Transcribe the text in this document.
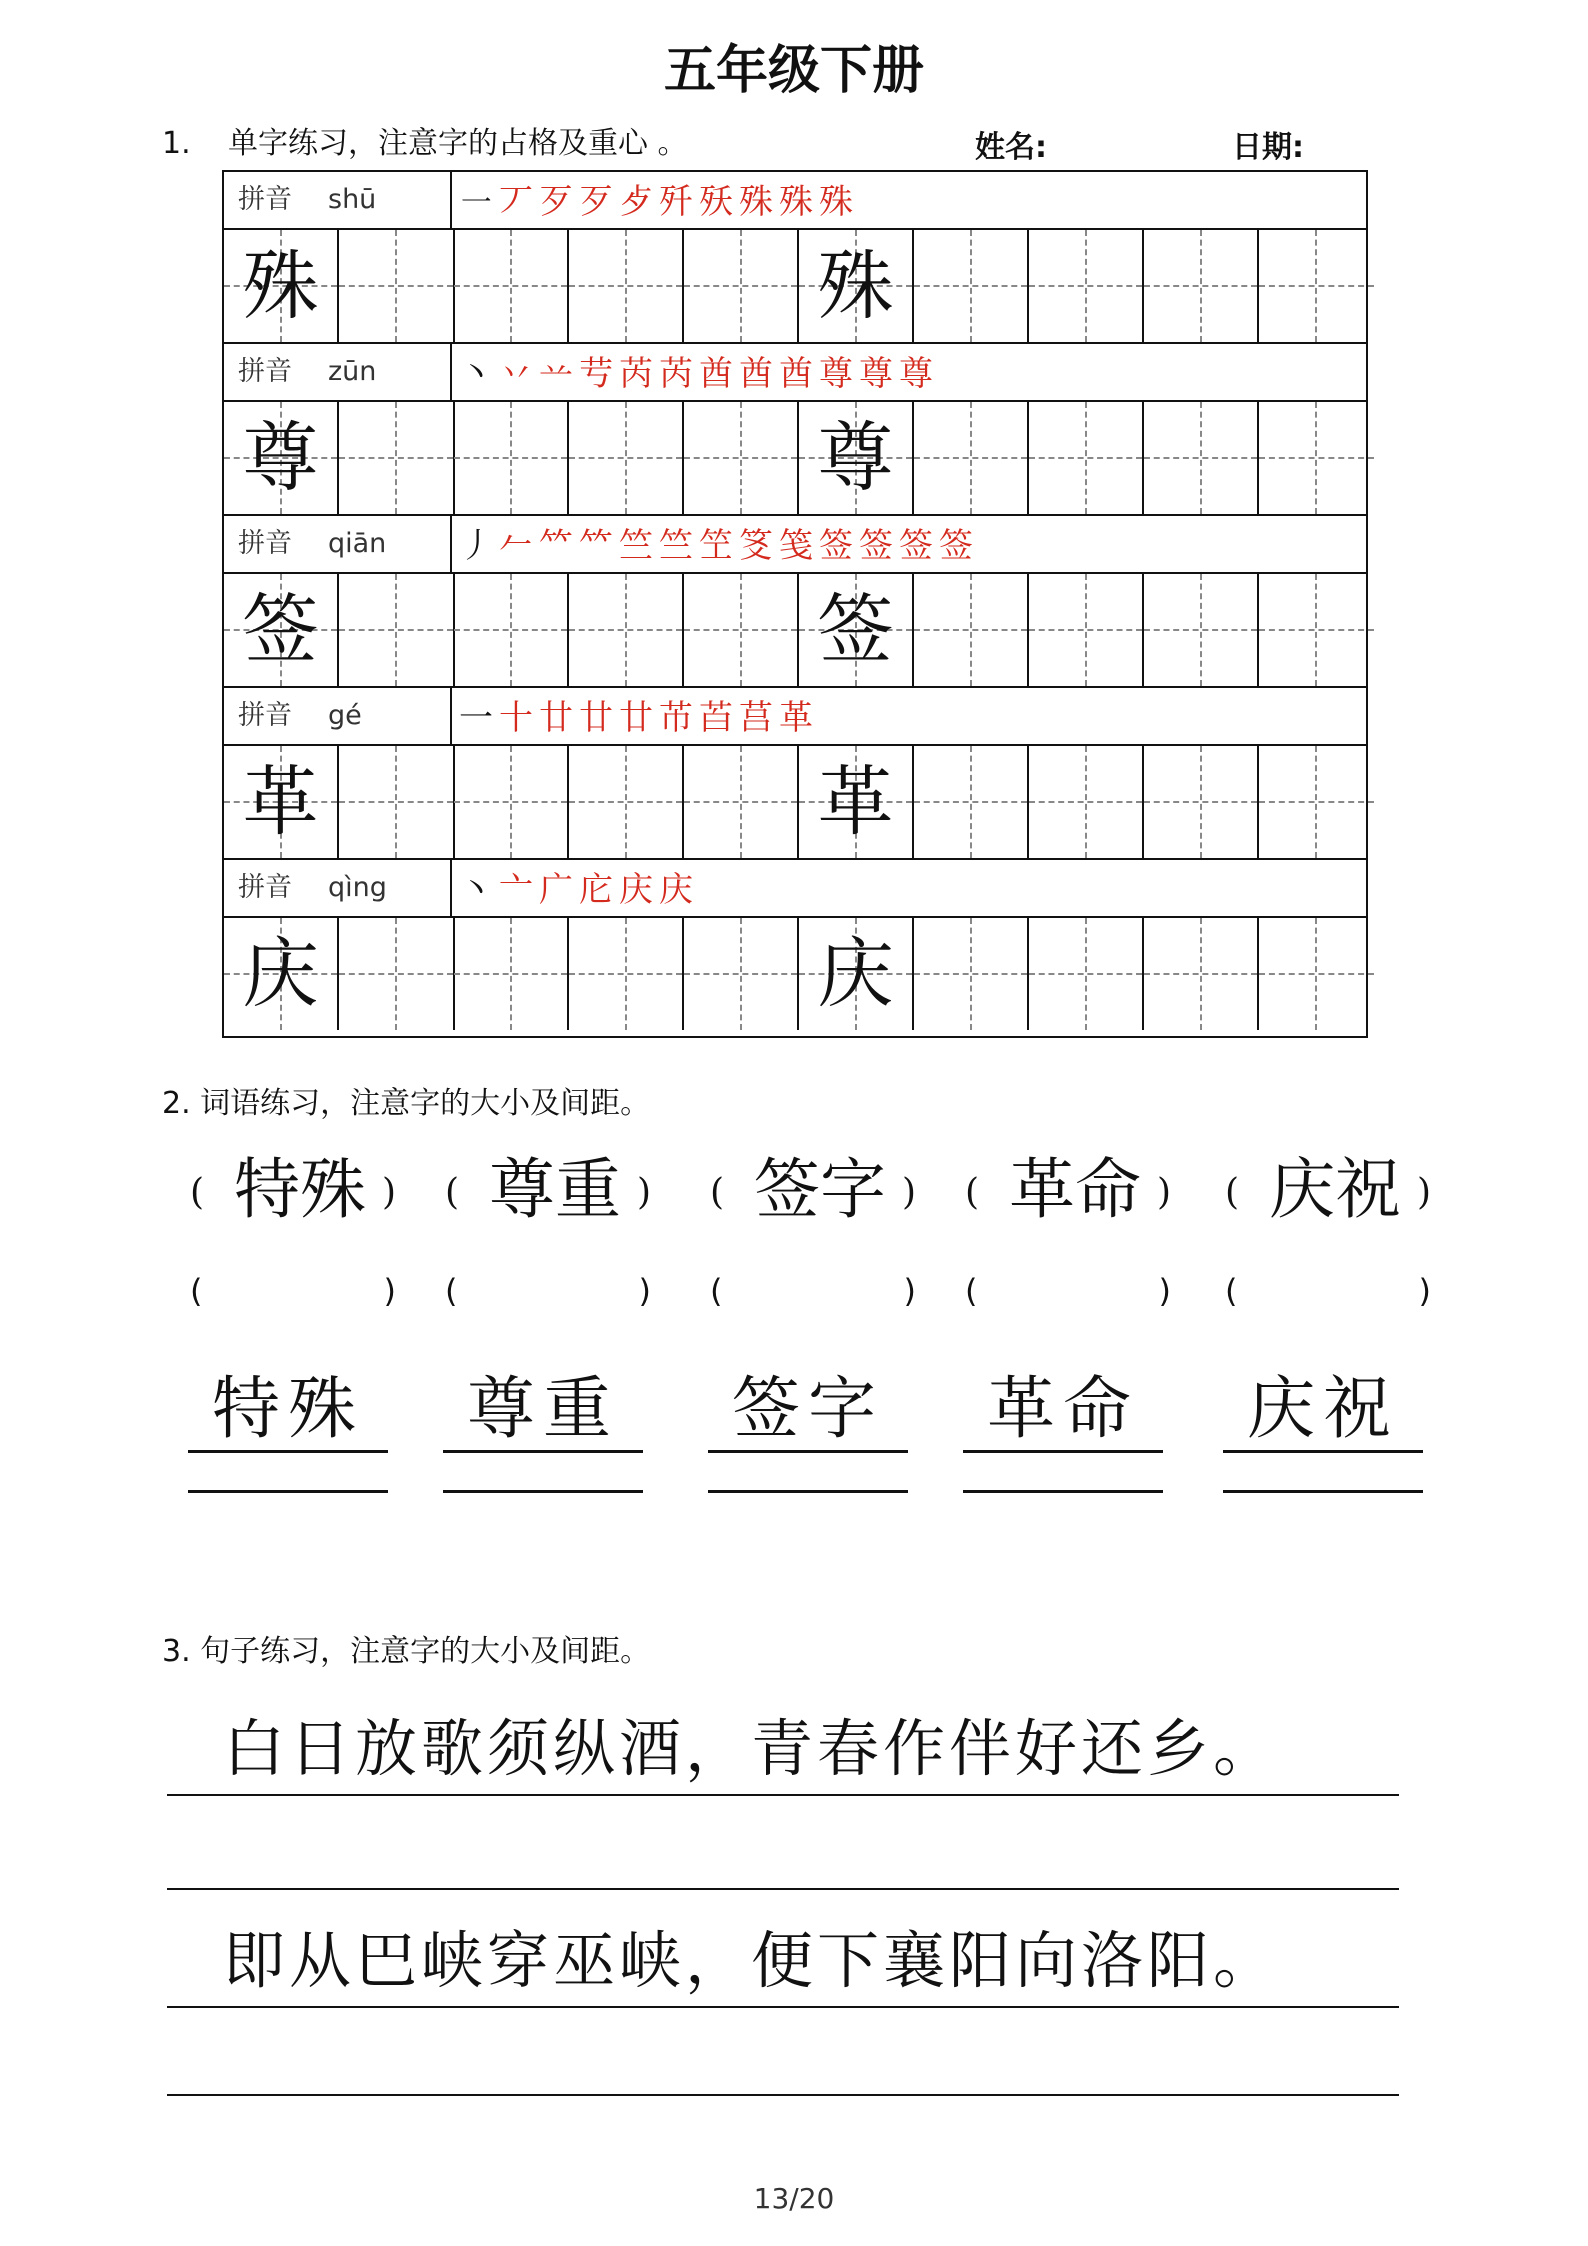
五年级下册
1. 单字练习，注意字的占格及重心 。	姓名:	日期:
拼音 shū	㇐ 丆 歹 歹 歺 歼 殀 殊 殊 殊
殊	殊
拼音 zūn	丶 丷 䒑 䒓 芮 芮 酋 酋 酋 尊 尊 尊
尊	尊
拼音 qiān	丿 𠂉 𥫗 𥫗 竺 竺 笁 笅 笺 签 签 签 签
签	签
拼音 gé	一 十 廿 廿 廿 芇 苩 莒 革
革	革
拼音 qìng	丶 亠 广 庀 庆 庆
庆	庆
2. 词语练习，注意字的大小及间距。
( 特殊 ) ( 尊重 ) ( 签字 ) ( 革命 ) ( 庆祝 )
(	) (	) (	) (	) (	)
特殊	尊重	签字	革命	庆祝
3. 句子练习，注意字的大小及间距。
白日放歌须纵酒，青春作伴好还乡。
即从巴峡穿巫峡，便下襄阳向洛阳。
13/20
